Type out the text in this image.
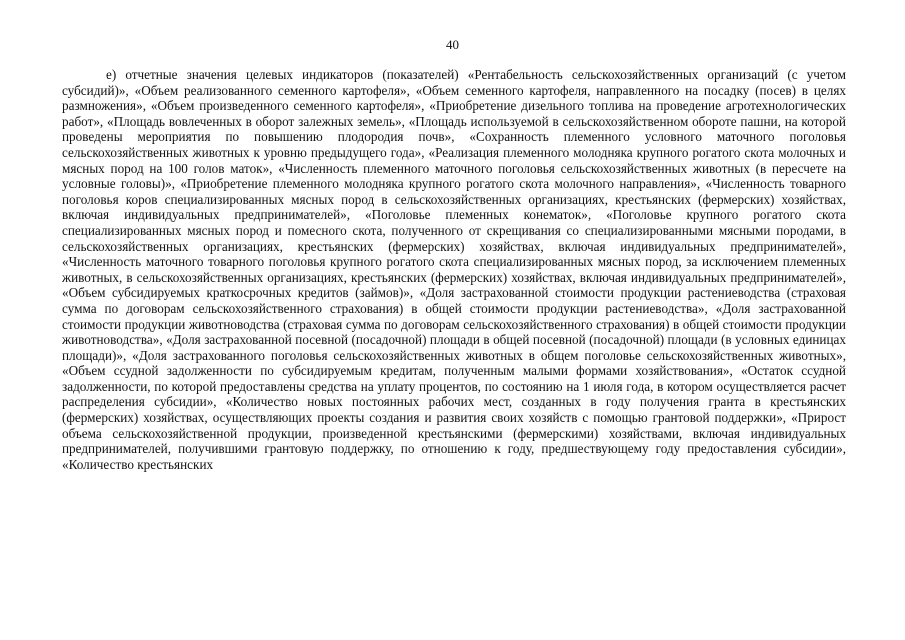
40

е) отчетные значения целевых индикаторов (показателей) «Рентабельность сельскохозяйственных организаций (с учетом субсидий)», «Объем реализованного семенного картофеля», «Объем семенного картофеля, направленного на посадку (посев) в целях размножения», «Объем произведенного семенного картофеля», «Приобретение дизельного топлива на проведение агротехнологических работ», «Площадь вовлеченных в оборот залежных земель», «Площадь используемой в сельскохозяйственном обороте пашни, на которой проведены мероприятия по повышению плодородия почв», «Сохранность племенного условного маточного поголовья сельскохозяйственных животных к уровню предыдущего года», «Реализация племенного молодняка крупного рогатого скота молочных и мясных пород на 100 голов маток», «Численность племенного маточного поголовья сельскохозяйственных животных (в пересчете на условные головы)», «Приобретение племенного молодняка крупного рогатого скота молочного направления», «Численность товарного поголовья коров специализированных мясных пород в сельскохозяйственных организациях, крестьянских (фермерских) хозяйствах, включая индивидуальных предпринимателей», «Поголовье племенных конематок», «Поголовье крупного рогатого скота специализированных мясных пород и помесного скота, полученного от скрещивания со специализированными мясными породами, в сельскохозяйственных организациях, крестьянских (фермерских) хозяйствах, включая индивидуальных предпринимателей», «Численность маточного товарного поголовья крупного рогатого скота специализированных мясных пород, за исключением племенных животных, в сельскохозяйственных организациях, крестьянских (фермерских) хозяйствах, включая индивидуальных предпринимателей», «Объем субсидируемых краткосрочных кредитов (займов)», «Доля застрахованной стоимости продукции растениеводства (страховая сумма по договорам сельскохозяйственного страхования) в общей стоимости продукции растениеводства», «Доля застрахованной стоимости продукции животноводства (страховая сумма по договорам сельскохозяйственного страхования) в общей стоимости продукции животноводства», «Доля застрахованной посевной (посадочной) площади в общей посевной (посадочной) площади (в условных единицах площади)», «Доля застрахованного поголовья сельскохозяйственных животных в общем поголовье сельскохозяйственных животных», «Объем ссудной задолженности по субсидируемым кредитам, полученным малыми формами хозяйствования», «Остаток ссудной задолженности, по которой предоставлены средства на уплату процентов, по состоянию на 1 июля года, в котором осуществляется расчет распределения субсидии», «Количество новых постоянных рабочих мест, созданных в году получения гранта в крестьянских (фермерских) хозяйствах, осуществляющих проекты создания и развития своих хозяйств с помощью грантовой поддержки», «Прирост объема сельскохозяйственной продукции, произведенной крестьянскими (фермерскими) хозяйствами, включая индивидуальных предпринимателей, получившими грантовую поддержку, по отношению к году, предшествующему году предоставления субсидии», «Количество крестьянских
